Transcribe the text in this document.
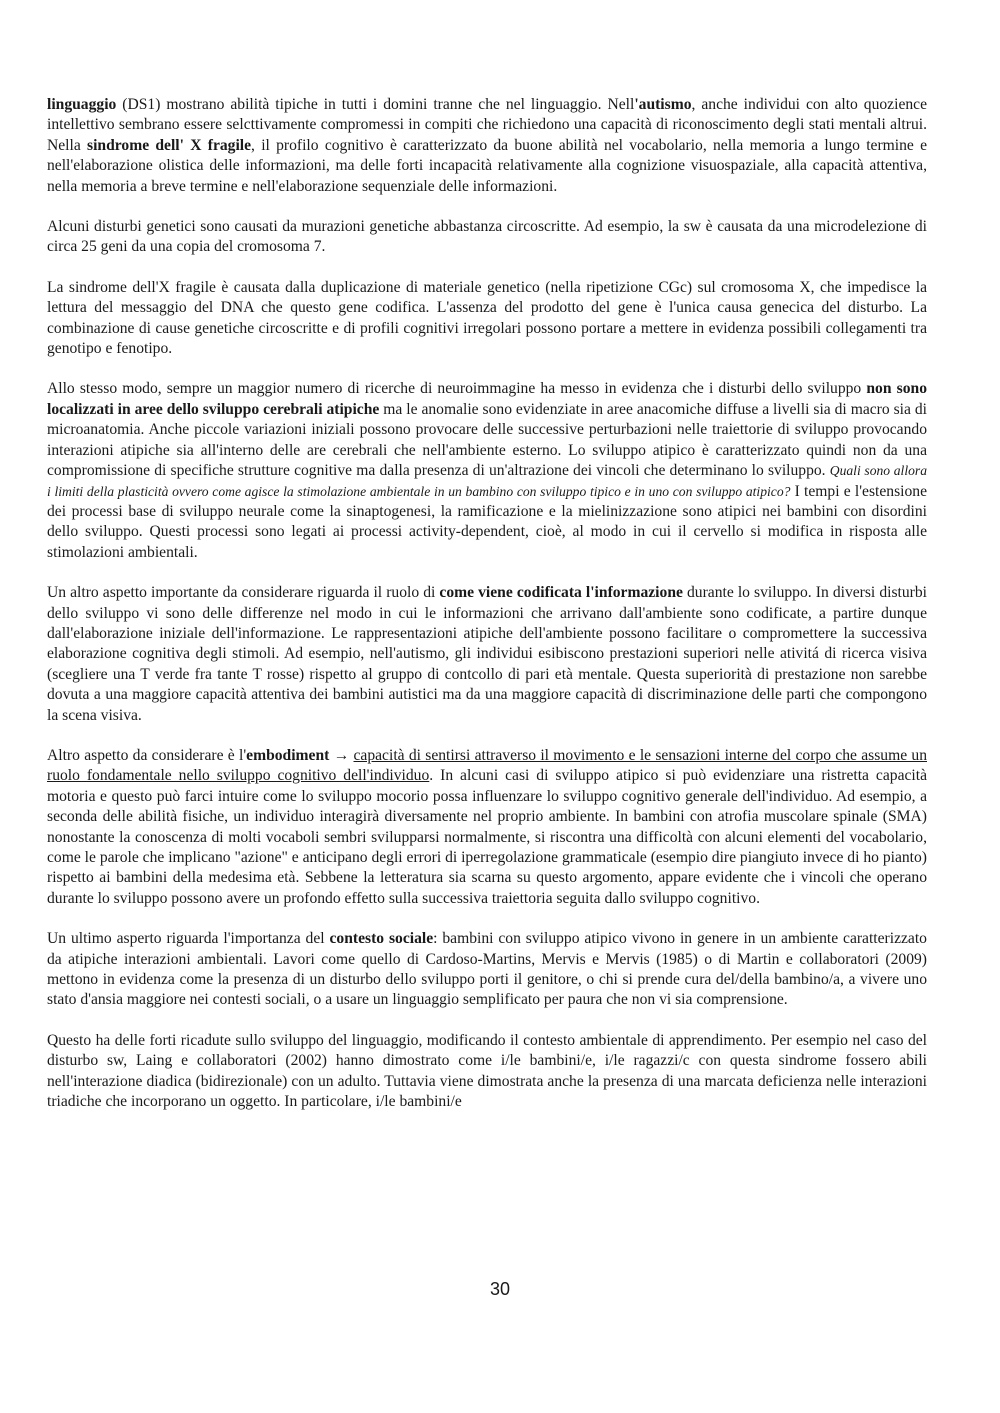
linguaggio (DS1) mostrano abilità tipiche in tutti i domini tranne che nel linguaggio. Nell'autismo, anche individui con alto quozience intellettivo sembrano essere selcttivamente compromessi in compiti che richiedono una capacità di riconoscimento degli stati mentali altrui. Nella sindrome dell' X fragile, il profilo cognitivo è caratterizzato da buone abilità nel vocabolario, nella memoria a lungo termine e nell'elaborazione olistica delle informazioni, ma delle forti incapacità relativamente alla cognizione visuospaziale, alla capacità attentiva, nella memoria a breve termine e nell'elaborazione sequenziale delle informazioni.

Alcuni disturbi genetici sono causati da murazioni genetiche abbastanza circoscritte. Ad esempio, la sw è causata da una microdelezione di circa 25 geni da una copia del cromosoma 7.

La sindrome dell'X fragile è causata dalla duplicazione di materiale genetico (nella ripetizione CGc) sul cromosoma X, che impedisce la lettura del messaggio del DNA che questo gene codifica. L'assenza del prodotto del gene è l'unica causa genecica del disturbo. La combinazione di cause genetiche circoscritte e di profili cognitivi irregolari possono portare a mettere in evidenza possibili collegamenti tra genotipo e fenotipo.

Allo stesso modo, sempre un maggior numero di ricerche di neuroimmagine ha messo in evidenza che i disturbi dello sviluppo non sono localizzati in aree dello sviluppo cerebrali atipiche ma le anomalie sono evidenziate in aree anacomiche diffuse a livelli sia di macro sia di microanatomia. Anche piccole variazioni iniziali possono provocare delle successive perturbazioni nelle traiettorie di sviluppo provocando interazioni atipiche sia all'interno delle are cerebrali che nell'ambiente esterno. Lo sviluppo atipico è caratterizzato quindi non da una compromissione di specifiche strutture cognitive ma dalla presenza di un'altrazione dei vincoli che determinano lo sviluppo. Quali sono allora i limiti della plasticità ovvero come agisce la stimolazione ambientale in un bambino con sviluppo tipico e in uno con sviluppo atipico? I tempi e l'estensione dei processi base di sviluppo neurale come la sinaptogenesi, la ramificazione e la mielinizzazione sono atipici nei bambini con disordini dello sviluppo. Questi processi sono legati ai processi activity-dependent, cioè, al modo in cui il cervello si modifica in risposta alle stimolazioni ambientali.

Un altro aspetto importante da considerare riguarda il ruolo di come viene codificata l'informazione durante lo sviluppo. In diversi disturbi dello sviluppo vi sono delle differenze nel modo in cui le informazioni che arrivano dall'ambiente sono codificate, a partire dunque dall'elaborazione iniziale dell'informazione. Le rappresentazioni atipiche dell'ambiente possono facilitare o compromettere la successiva elaborazione cognitiva degli stimoli. Ad esempio, nell'autismo, gli individui esibiscono prestazioni superiori nelle ativitá di ricerca visiva (scegliere una T verde fra tante T rosse) rispetto al gruppo di contcollo di pari età mentale. Questa superiorità di prestazione non sarebbe dovuta a una maggiore capacità attentiva dei bambini autistici ma da una maggiore capacità di discriminazione delle parti che compongono la scena visiva.

Altro aspetto da considerare è l'embodiment → capacità di sentirsi attraverso il movimento e le sensazioni interne del corpo che assume un ruolo fondamentale nello sviluppo cognitivo dell'individuo. In alcuni casi di sviluppo atipico si può evidenziare una ristretta capacità motoria e questo può farci intuire come lo sviluppo mocorio possa influenzare lo sviluppo cognitivo generale dell'individuo. Ad esempio, a seconda delle abilità fisiche, un individuo interagirà diversamente nel proprio ambiente. In bambini con atrofia muscolare spinale (SMA) nonostante la conoscenza di molti vocaboli sembri svilupparsi normalmente, si riscontra una difficoltà con alcuni elementi del vocabolario, come le parole che implicano "azione" e anticipano degli errori di iperregolazione grammaticale (esempio dire piangiuto invece di ho pianto) rispetto ai bambini della medesima età. Sebbene la letteratura sia scarna su questo argomento, appare evidente che i vincoli che operano durante lo sviluppo possono avere un profondo effetto sulla successiva traiettoria seguita dallo sviluppo cognitivo.

Un ultimo asperto riguarda l'importanza del contesto sociale: bambini con sviluppo atipico vivono in genere in un ambiente caratterizzato da atipiche interazioni ambientali. Lavori come quello di Cardoso-Martins, Mervis e Mervis (1985) o di Martin e collaboratori (2009) mettono in evidenza come la presenza di un disturbo dello sviluppo porti il genitore, o chi si prende cura del/della bambino/a, a vivere uno stato d'ansia maggiore nei contesti sociali, o a usare un linguaggio semplificato per paura che non vi sia comprensione.

Questo ha delle forti ricadute sullo sviluppo del linguaggio, modificando il contesto ambientale di apprendimento. Per esempio nel caso del disturbo sw, Laing e collaboratori (2002) hanno dimostrato come i/le bambini/e, i/le ragazzi/c con questa sindrome fossero abili nell'interazione diadica (bidirezionale) con un adulto. Tuttavia viene dimostrata anche la presenza di una marcata deficienza nelle interazioni triadiche che incorporano un oggetto. In particolare, i/le bambini/e

30
